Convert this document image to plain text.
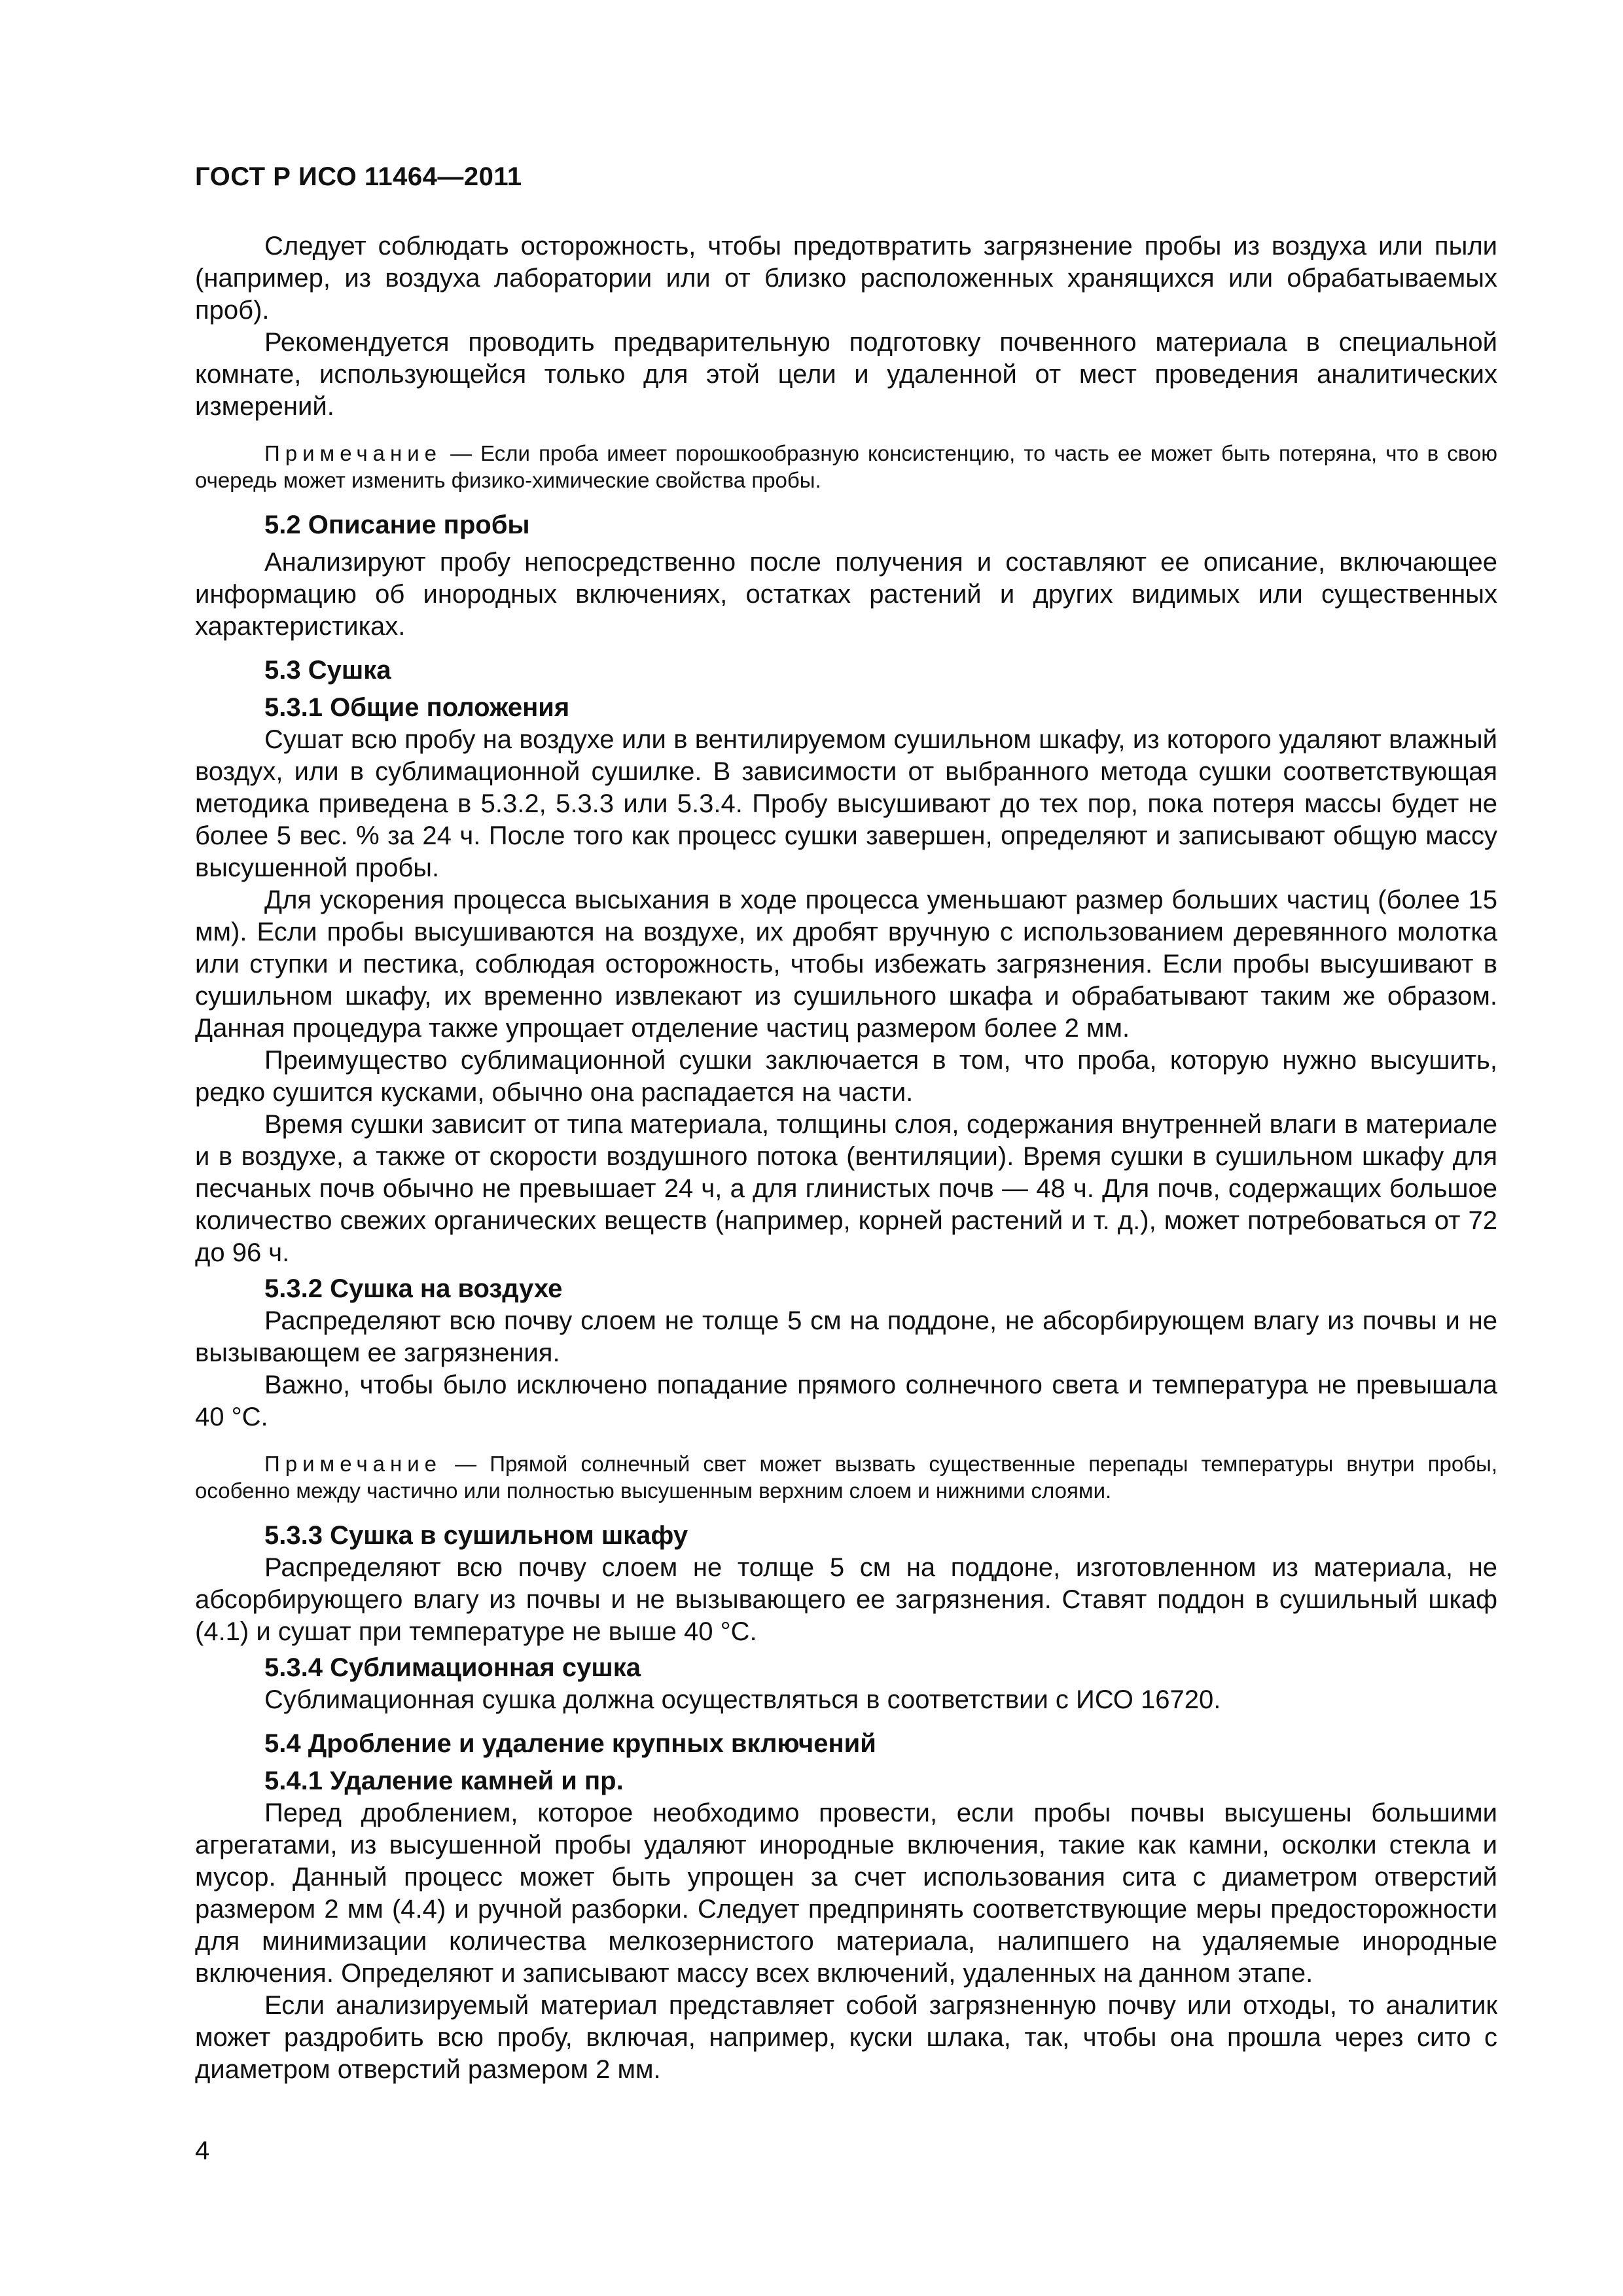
ГОСТ Р ИСО 11464—2011

Следует соблюдать осторожность, чтобы предотвратить загрязнение пробы из воздуха или пыли (например, из воздуха лаборатории или от близко расположенных хранящихся или обрабатываемых проб).

Рекомендуется проводить предварительную подготовку почвенного материала в специальной комнате, использующейся только для этой цели и удаленной от мест проведения аналитических измерений.

Примечание — Если проба имеет порошкообразную консистенцию, то часть ее может быть потеряна, что в свою очередь может изменить физико-химические свойства пробы.

5.2 Описание пробы

Анализируют пробу непосредственно после получения и составляют ее описание, включающее информацию об инородных включениях, остатках растений и других видимых или существенных характеристиках.

5.3 Сушка
5.3.1 Общие положения

Сушат всю пробу на воздухе или в вентилируемом сушильном шкафу, из которого удаляют влажный воздух, или в сублимационной сушилке. В зависимости от выбранного метода сушки соответствующая методика приведена в 5.3.2, 5.3.3 или 5.3.4. Пробу высушивают до тех пор, пока потеря массы будет не более 5 вес. % за 24 ч. После того как процесс сушки завершен, определяют и записывают общую массу высушенной пробы.

Для ускорения процесса высыхания в ходе процесса уменьшают размер больших частиц (более 15 мм). Если пробы высушиваются на воздухе, их дробят вручную с использованием деревянного молотка или ступки и пестика, соблюдая осторожность, чтобы избежать загрязнения. Если пробы высушивают в сушильном шкафу, их временно извлекают из сушильного шкафа и обрабатывают таким же образом. Данная процедура также упрощает отделение частиц размером более 2 мм.

Преимущество сублимационной сушки заключается в том, что проба, которую нужно высушить, редко сушится кусками, обычно она распадается на части.

Время сушки зависит от типа материала, толщины слоя, содержания внутренней влаги в материале и в воздухе, а также от скорости воздушного потока (вентиляции). Время сушки в сушильном шкафу для песчаных почв обычно не превышает 24 ч, а для глинистых почв — 48 ч. Для почв, содержащих большое количество свежих органических веществ (например, корней растений и т. д.), может потребоваться от 72 до 96 ч.

5.3.2 Сушка на воздухе

Распределяют всю почву слоем не толще 5 см на поддоне, не абсорбирующем влагу из почвы и не вызывающем ее загрязнения.

Важно, чтобы было исключено попадание прямого солнечного света и температура не превышала 40 °С.

Примечание — Прямой солнечный свет может вызвать существенные перепады температуры внутри пробы, особенно между частично или полностью высушенным верхним слоем и нижними слоями.

5.3.3 Сушка в сушильном шкафу

Распределяют всю почву слоем не толще 5 см на поддоне, изготовленном из материала, не абсорбирующего влагу из почвы и не вызывающего ее загрязнения. Ставят поддон в сушильный шкаф (4.1) и сушат при температуре не выше 40 °С.

5.3.4 Сублимационная сушка

Сублимационная сушка должна осуществляться в соответствии с ИСО 16720.

5.4 Дробление и удаление крупных включений
5.4.1 Удаление камней и пр.

Перед дроблением, которое необходимо провести, если пробы почвы высушены большими агрегатами, из высушенной пробы удаляют инородные включения, такие как камни, осколки стекла и мусор. Данный процесс может быть упрощен за счет использования сита с диаметром отверстий размером 2 мм (4.4) и ручной разборки. Следует предпринять соответствующие меры предосторожности для минимизации количества мелкозернистого материала, налипшего на удаляемые инородные включения. Определяют и записывают массу всех включений, удаленных на данном этапе.

Если анализируемый материал представляет собой загрязненную почву или отходы, то аналитик может раздробить всю пробу, включая, например, куски шлака, так, чтобы она прошла через сито с диаметром отверстий размером 2 мм.

4
